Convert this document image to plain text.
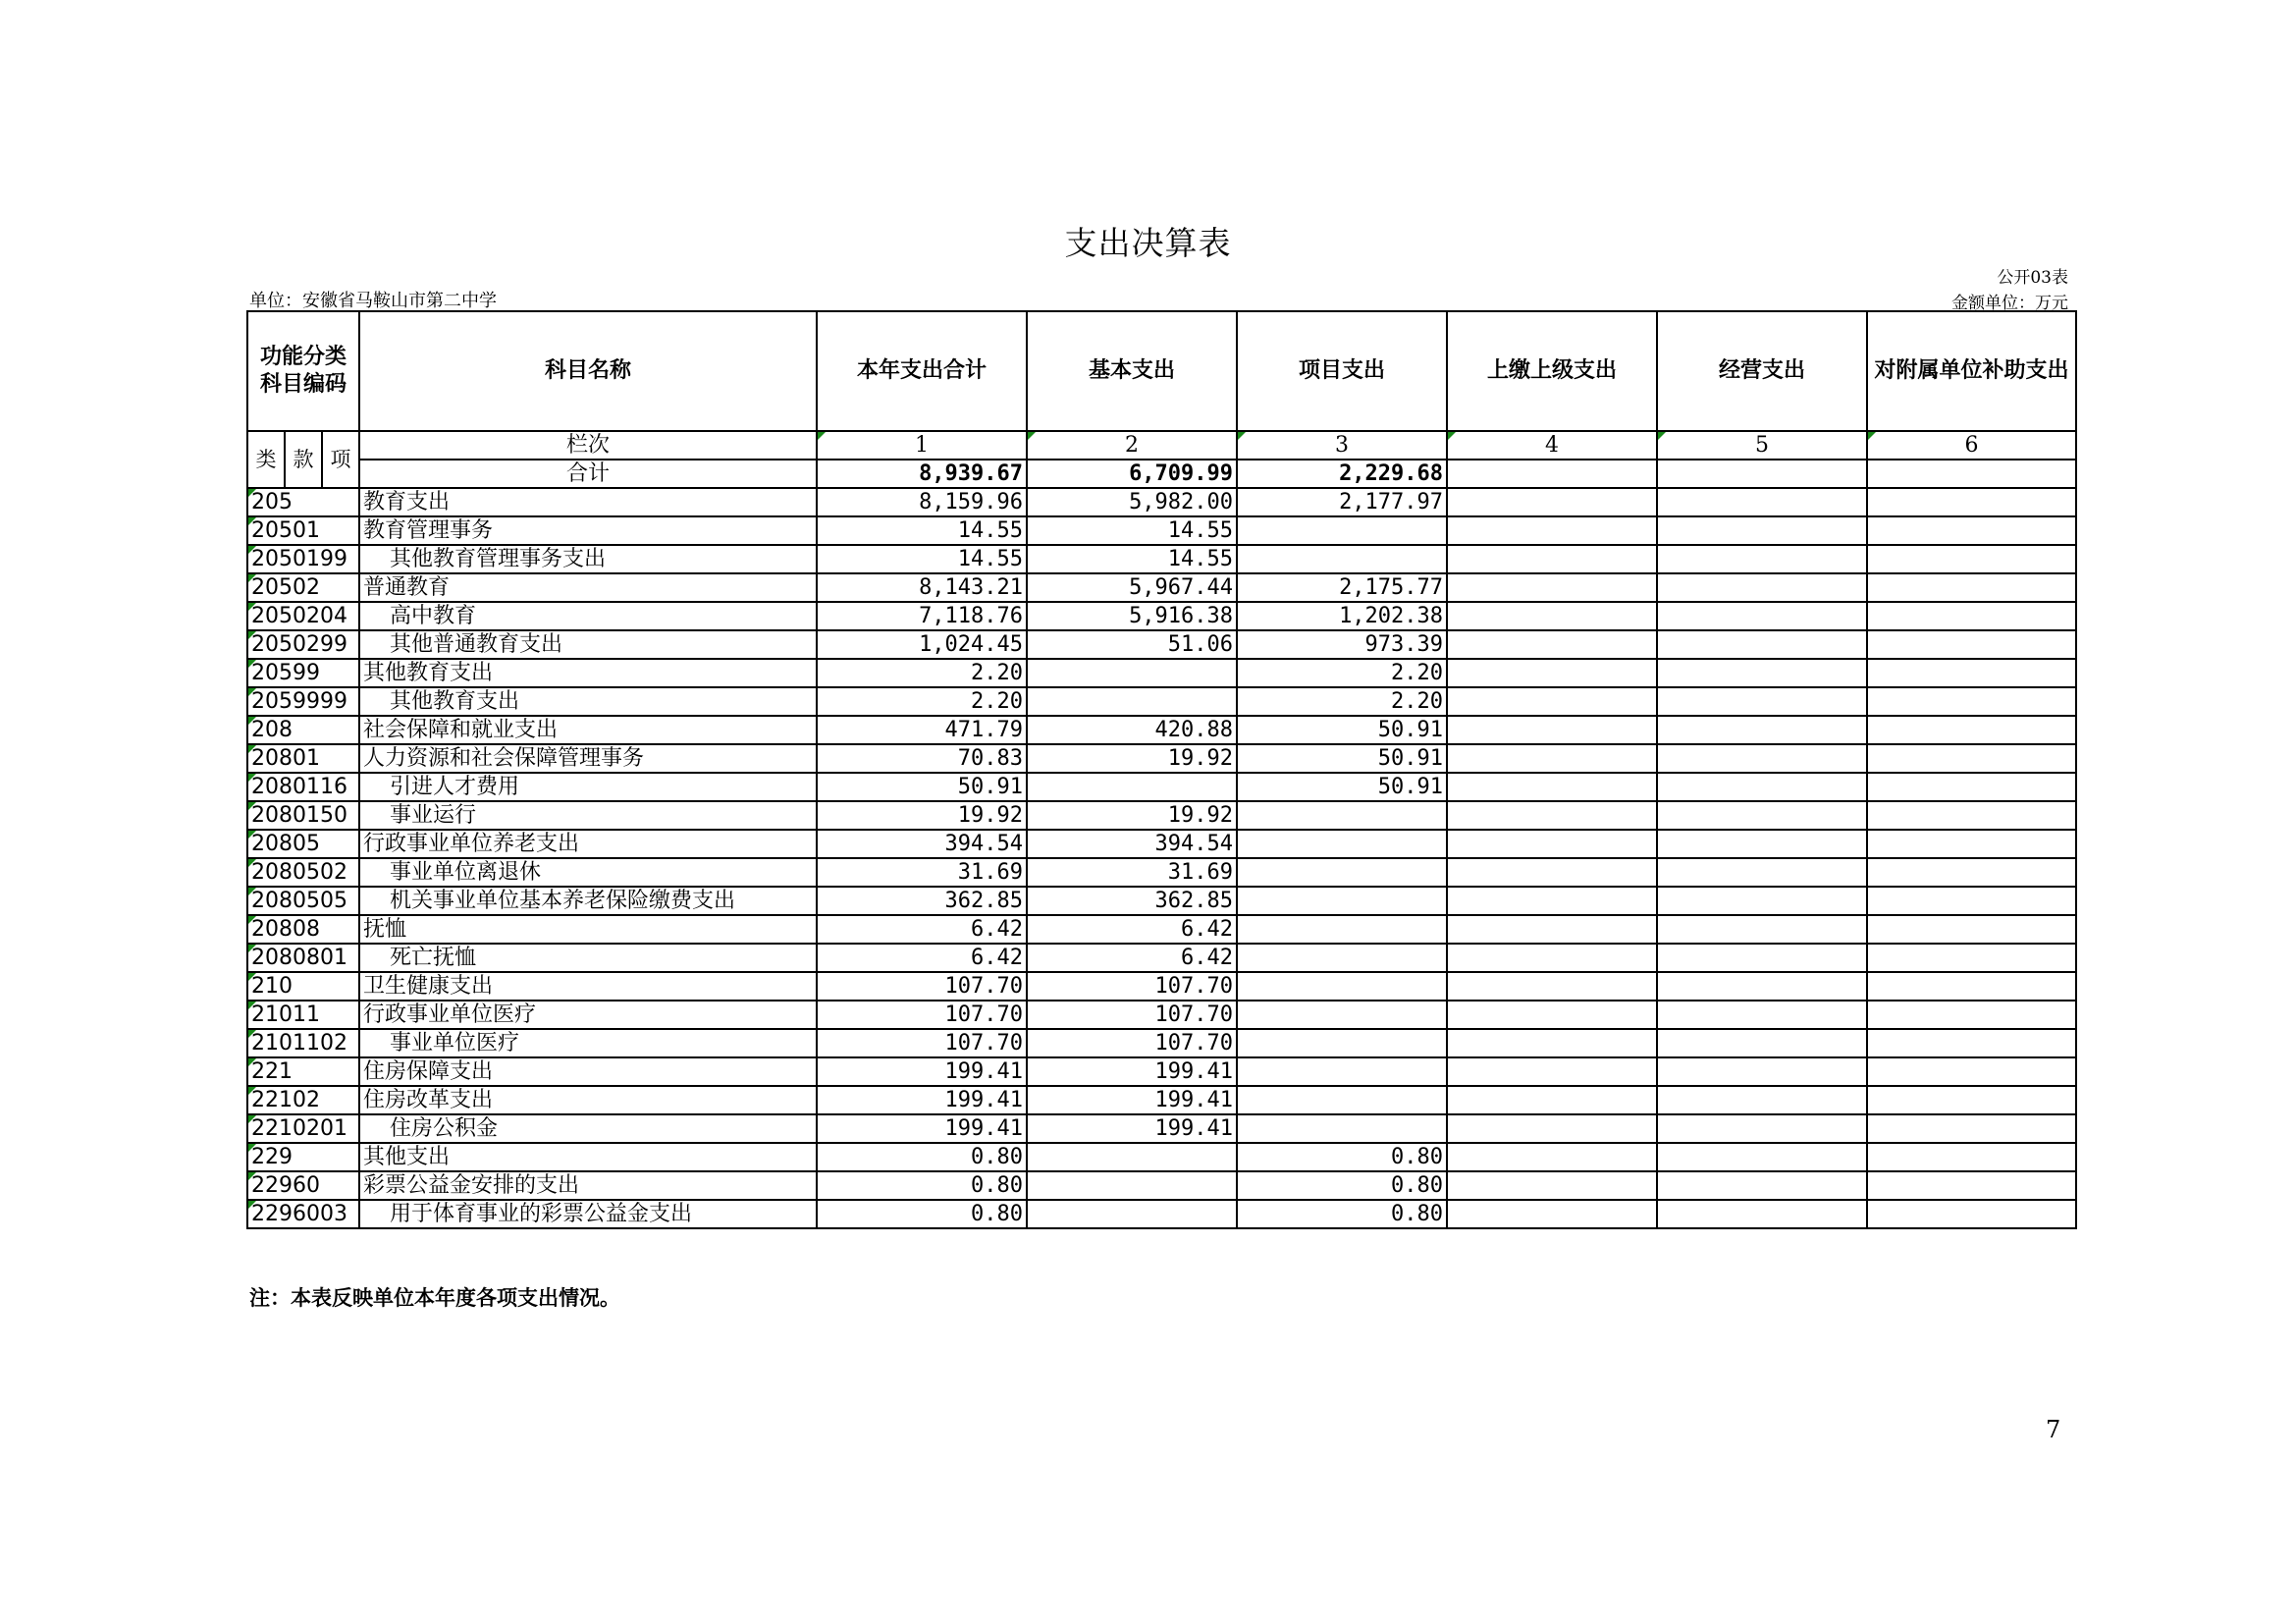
支出决算表
公开03表
单位：安徽省马鞍山市第二中学	金额单位：万元
功能分类科目编码			科目名称	本年支出合计	基本支出	项目支出	上缴上级支出	经营支出	对附属单位补助支出
类	款	项	栏次	1	2	3	4	5	6
			合计	8,939.67	6,709.99	2,229.68			

205			教育支出	8,159.96	5,982.00	2,177.97			

20501			教育管理事务	14.55	14.55				

2050199			其他教育管理事务支出	14.55	14.55				

20502			普通教育	8,143.21	5,967.44	2,175.77			

2050204			高中教育	7,118.76	5,916.38	1,202.38			

2050299			其他普通教育支出	1,024.45	51.06	973.39			

20599			其他教育支出	2.20		2.20			

2059999			其他教育支出	2.20		2.20			

208			社会保障和就业支出	471.79	420.88	50.91			

20801			人力资源和社会保障管理事务	70.83	19.92	50.91			

2080116			引进人才费用	50.91		50.91			

2080150			事业运行	19.92	19.92				

20805			行政事业单位养老支出	394.54	394.54				

2080502			事业单位离退休	31.69	31.69				

2080505			机关事业单位基本养老保险缴费支出	362.85	362.85				

20808			抚恤	6.42	6.42				

2080801			死亡抚恤	6.42	6.42				

210			卫生健康支出	107.70	107.70				

21011			行政事业单位医疗	107.70	107.70				

2101102			事业单位医疗	107.70	107.70				

221			住房保障支出	199.41	199.41				

22102			住房改革支出	199.41	199.41				

2210201			住房公积金	199.41	199.41				

229			其他支出	0.80		0.80			

22960			彩票公益金安排的支出	0.80		0.80			

2296003			用于体育事业的彩票公益金支出	0.80		0.80			
注：本表反映单位本年度各项支出情况。
7
